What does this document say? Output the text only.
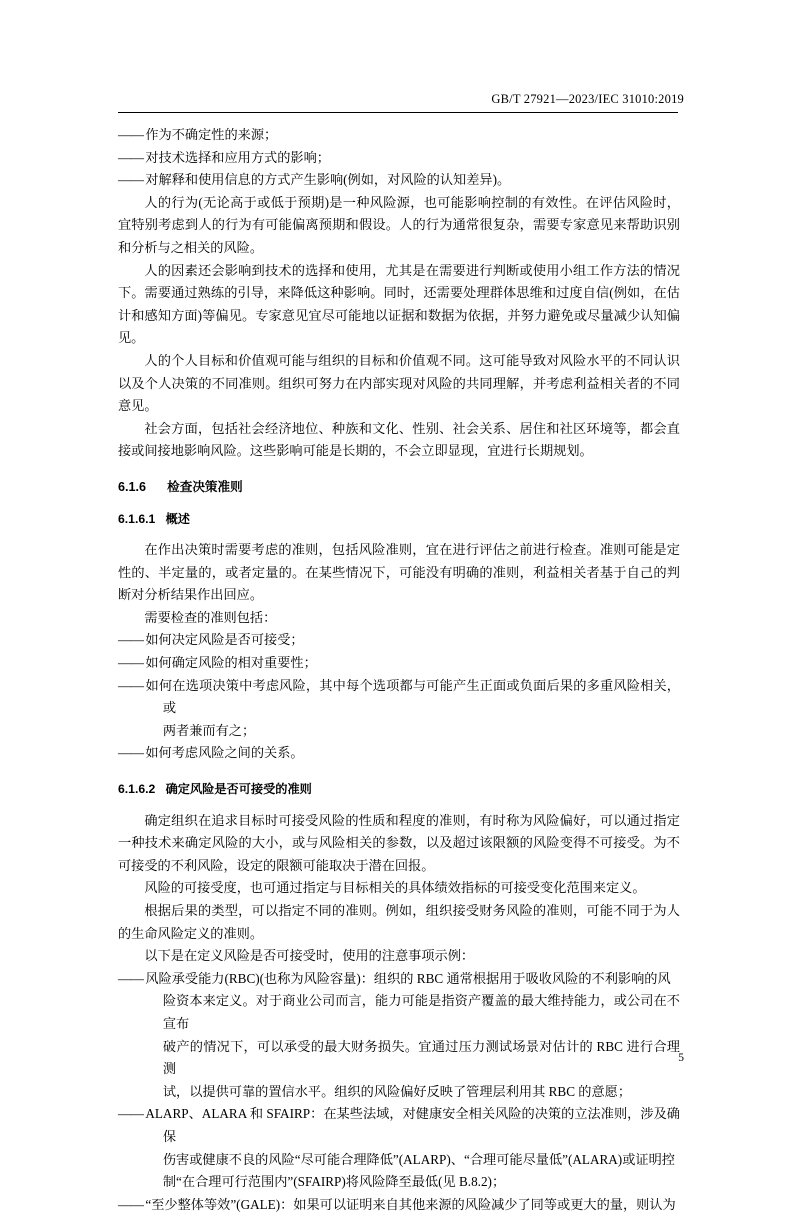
GB/T 27921—2023/IEC 31010:2019

—— 作为不确定性的来源；

—— 对技术选择和应用方式的影响；

—— 对解释和使用信息的方式产生影响(例如，对风险的认知差异)。

人的行为(无论高于或低于预期)是一种风险源，也可能影响控制的有效性。在评估风险时，宜特别考虑到人的行为有可能偏离预期和假设。人的行为通常很复杂，需要专家意见来帮助识别和分析与之相关的风险。

人的因素还会影响到技术的选择和使用，尤其是在需要进行判断或使用小组工作方法的情况下。需要通过熟练的引导，来降低这种影响。同时，还需要处理群体思维和过度自信(例如，在估计和感知方面)等偏见。专家意见宜尽可能地以证据和数据为依据，并努力避免或尽量减少认知偏见。

人的个人目标和价值观可能与组织的目标和价值观不同。这可能导致对风险水平的不同认识以及个人决策的不同准则。组织可努力在内部实现对风险的共同理解，并考虑利益相关者的不同意见。

社会方面，包括社会经济地位、种族和文化、性别、社会关系、居住和社区环境等，都会直接或间接地影响风险。这些影响可能是长期的，不会立即显现，宜进行长期规划。

6.1.6 检查决策准则

6.1.6.1 概述

在作出决策时需要考虑的准则，包括风险准则，宜在进行评估之前进行检查。准则可能是定性的、半定量的，或者定量的。在某些情况下，可能没有明确的准则，利益相关者基于自己的判断对分析结果作出回应。

需要检查的准则包括：

—— 如何决定风险是否可接受；

—— 如何确定风险的相对重要性；

—— 如何在选项决策中考虑风险，其中每个选项都与可能产生正面或负面后果的多重风险相关，或

两者兼而有之；

—— 如何考虑风险之间的关系。

6.1.6.2 确定风险是否可接受的准则

确定组织在追求目标时可接受风险的性质和程度的准则，有时称为风险偏好，可以通过指定一种技术来确定风险的大小，或与风险相关的参数，以及超过该限额的风险变得不可接受。为不可接受的不利风险，设定的限额可能取决于潜在回报。

风险的可接受度，也可通过指定与目标相关的具体绩效指标的可接受变化范围来定义。

根据后果的类型，可以指定不同的准则。例如，组织接受财务风险的准则，可能不同于为人的生命风险定义的准则。

以下是在定义风险是否可接受时，使用的注意事项示例：

—— 风险承受能力(RBC)(也称为风险容量)：组织的 RBC 通常根据用于吸收风险的不利影响的风

险资本来定义。对于商业公司而言，能力可能是指资产覆盖的最大维持能力，或公司在不宣布

破产的情况下，可以承受的最大财务损失。宜通过压力测试场景对估计的 RBC 进行合理测

试，以提供可靠的置信水平。组织的风险偏好反映了管理层利用其 RBC 的意愿；

—— ALARP、ALARA 和 SFAIRP：在某些法域，对健康安全相关风险的决策的立法准则，涉及确保

伤害或健康不良的风险“尽可能合理降低”(ALARP)、“合理可能尽量低”(ALARA)或证明控

制“在合理可行范围内”(SFAIRP)将风险降至最低(见 B.8.2)；

—— “至少整体等效”(GALE)：如果可以证明来自其他来源的风险减少了同等或更大的量，则认为

5
